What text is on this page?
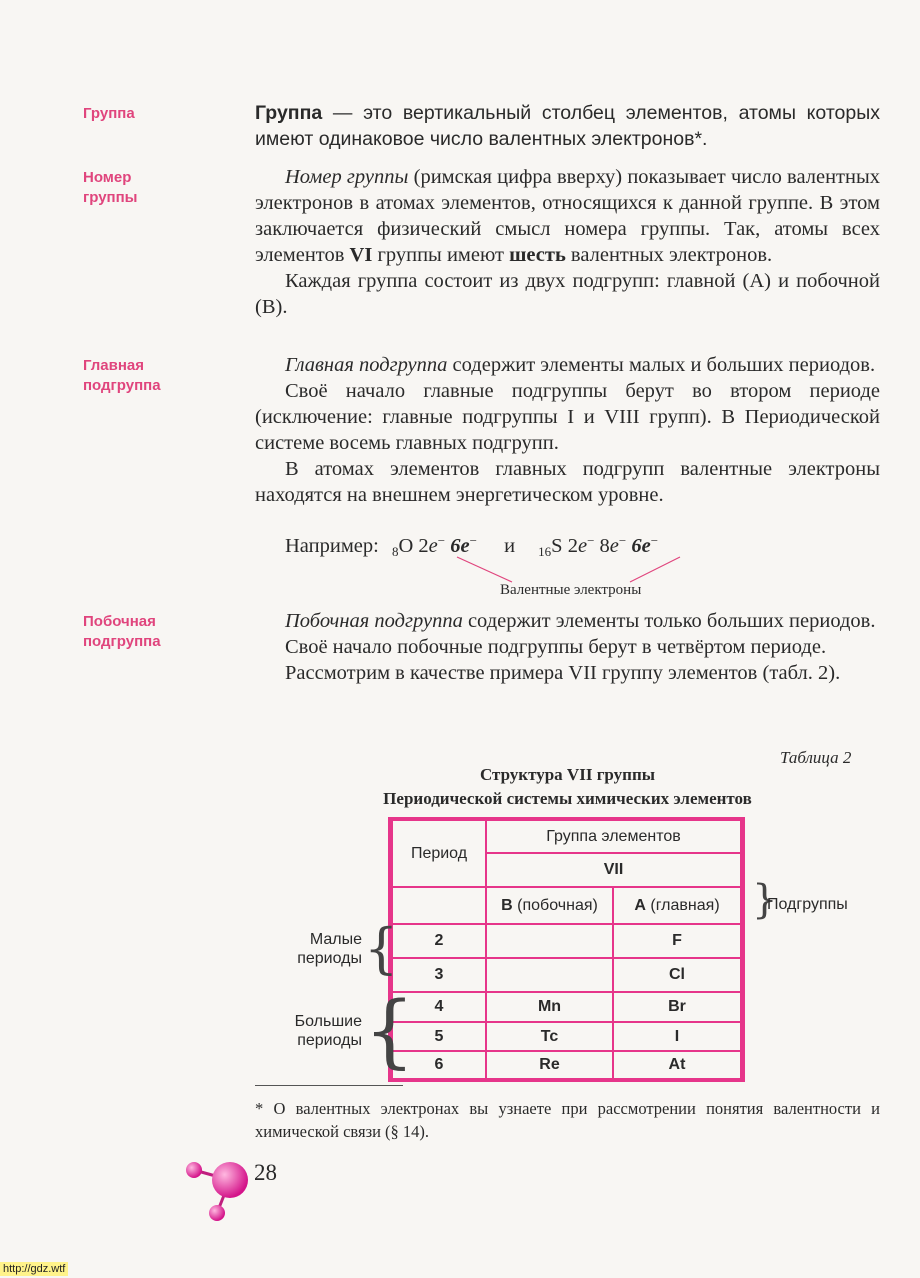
Группа
Номер
группы
Главная
подгруппа
Побочная
подгруппа

Группа — это вертикальный столбец элементов, атомы которых имеют одинаковое число валентных электронов*.

Номер группы (римская цифра вверху) показывает число валентных электронов в атомах элементов, относящихся к данной группе. В этом заключается физический смысл номера группы. Так, атомы всех элементов VI группы имеют шесть валентных электронов.

Каждая группа состоит из двух подгрупп: главной (А) и побочной (В).

Главная подгруппа содержит элементы малых и больших периодов.

Своё начало главные подгруппы берут во втором периоде (исключение: главные подгруппы I и VIII групп). В Периодической системе восемь главных подгрупп.

В атомах элементов главных подгрупп валентные электроны находятся на внешнем энергетическом уровне.

Например: $_8$O 2e− 6e− и $_{16}$S 2e− 8e− 6e−
Валентные электроны

Побочная подгруппа содержит элементы только больших периодов.

Своё начало побочные подгруппы берут в четвёртом периоде.

Рассмотрим в качестве примера VII группу элементов (табл. 2).

Таблица 2
Структура VII группы
Периодической системы химических элементов
Период	Группа элементов	
	VII	
	B (побочная)	A (главная)
2		F
3		Cl
4	Mn	Br
5	Tc	I
6	Re	At
}
Подгруппы
Малые
периоды {
Большие
периоды {
* О валентных электронах вы узнаете при рассмотрении понятия валентности и химической связи (§ 14).
28
http://gdz.wtf
